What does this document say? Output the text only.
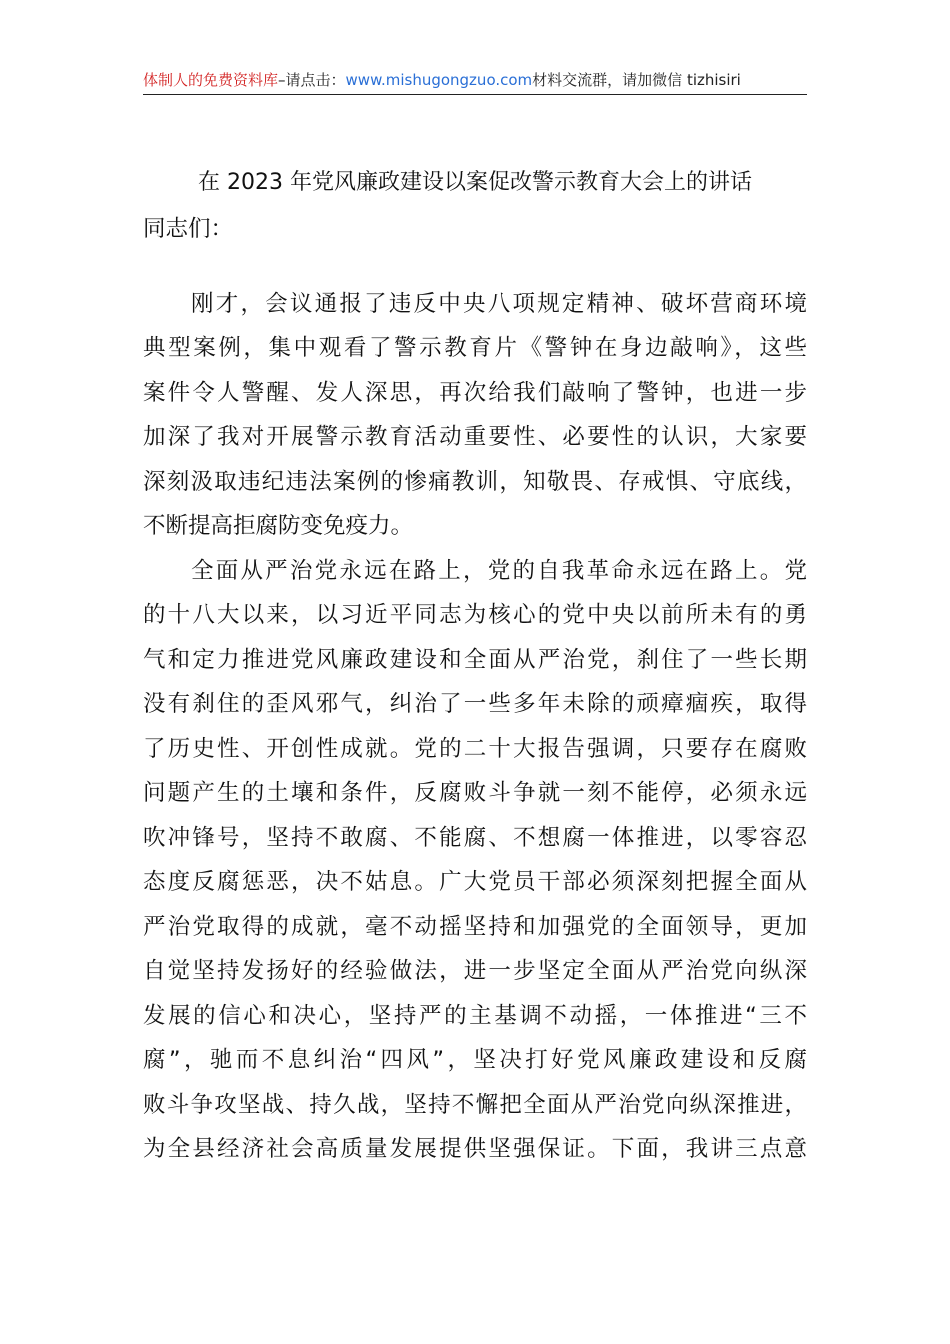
体制人的免费资料库–请点击：www.mishugongzuo.com材料交流群，请加微信 tizhisiri
在 2023 年党风廉政建设以案促改警示教育大会上的讲话
同志们：
刚才，会议通报了违反中央八项规定精神、破坏营商环境
典型案例，集中观看了警示教育片《警钟在身边敲响》，这些
案件令人警醒、发人深思，再次给我们敲响了警钟，也进一步
加深了我对开展警示教育活动重要性、必要性的认识，大家要
深刻汲取违纪违法案例的惨痛教训，知敬畏、存戒惧、守底线，
不断提高拒腐防变免疫力。
全面从严治党永远在路上，党的自我革命永远在路上。党
的十八大以来，以习近平同志为核心的党中央以前所未有的勇
气和定力推进党风廉政建设和全面从严治党，刹住了一些长期
没有刹住的歪风邪气，纠治了一些多年未除的顽瘴痼疾，取得
了历史性、开创性成就。党的二十大报告强调，只要存在腐败
问题产生的土壤和条件，反腐败斗争就一刻不能停，必须永远
吹冲锋号，坚持不敢腐、不能腐、不想腐一体推进，以零容忍
态度反腐惩恶，决不姑息。广大党员干部必须深刻把握全面从
严治党取得的成就，毫不动摇坚持和加强党的全面领导，更加
自觉坚持发扬好的经验做法，进一步坚定全面从严治党向纵深
发展的信心和决心，坚持严的主基调不动摇，一体推进“三不
腐”，驰而不息纠治“四风”，坚决打好党风廉政建设和反腐
败斗争攻坚战、持久战，坚持不懈把全面从严治党向纵深推进，
为全县经济社会高质量发展提供坚强保证。下面，我讲三点意
